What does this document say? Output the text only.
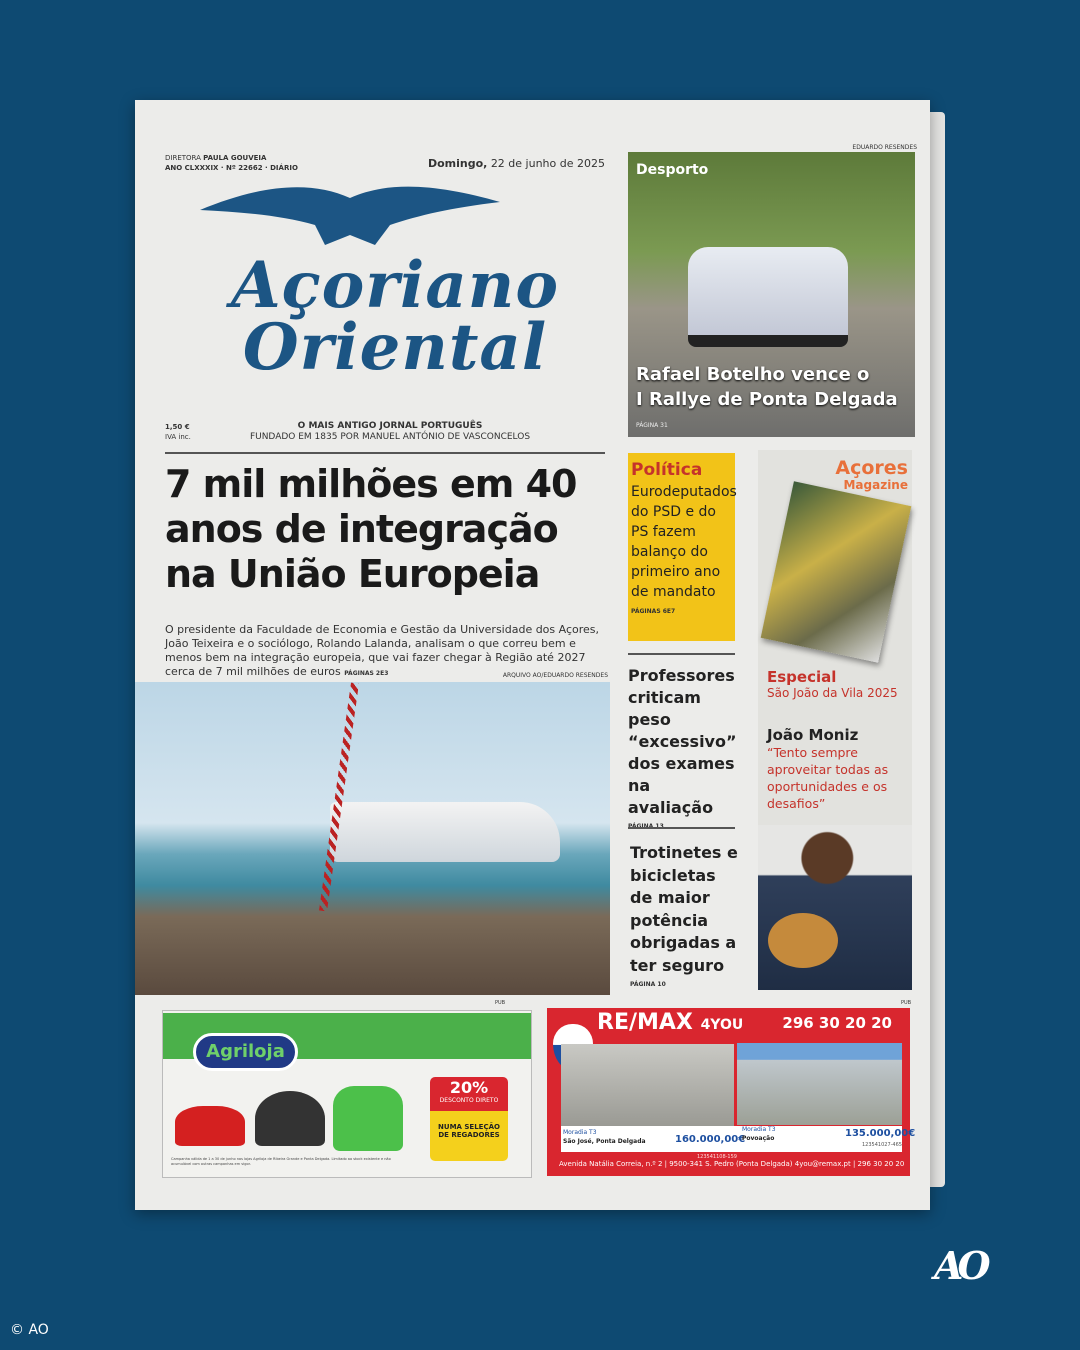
DIRETORA PAULA GOUVEIA
ANO CLXXXIX · Nº 22662 · DIÁRIO	Domingo, 22 de junho de 2025
Açoriano
Oriental
1,50 €
IVA inc.
O MAIS ANTIGO JORNAL PORTUGUÊS
FUNDADO EM 1835 POR MANUEL ANTÓNIO DE VASCONCELOS
7 mil milhões em 40 anos de integração na União Europeia
O presidente da Faculdade de Economia e Gestão da Universidade dos Açores, João Teixeira e o sociólogo, Rolando Lalanda, analisam o que correu bem e menos bem na integração europeia, que vai fazer chegar à Região até 2027 cerca de 7 mil milhões de euros PÁGINAS 2E3	ARQUIVO AO/EDUARDO RESENDES
EDUARDO RESENDES
Desporto
Rafael Botelho vence o
I Rallye de Ponta Delgada
PÁGINA 31
Política
Eurodeputados do PSD e do PS fazem balanço do primeiro ano de mandato
PÁGINAS 6E7
Professores criticam peso “excessivo” dos exames na avaliação
Trotinetes e bicicletas de maior potência obrigadas a ter seguro
PÁGINA 10
Açores
Magazine
Especial
São João da Vila 2025
João Moniz
“Tento sempre aproveitar todas as oportunidades e os desafios”
PUB
Agriloja
20%
DESCONTO DIRETO
NUMA SELEÇÃO DE REGADORES
Campanha válida de 1 a 30 de junho nas lojas Agriloja de Ribeira Grande e Ponta Delgada. Limitado ao stock existente e não acumulável com outras campanhas em vigor.
PUB
RE/MAX 4YOU	296 30 20 20
Moradia T3
São José, Ponta Delgada	160.000,00€
123541108-159
Moradia T3
Povoação	135.000,00€
123541027-465
Avenida Natália Correia, n.º 2 | 9500-341 S. Pedro (Ponta Delgada) 4you@remax.pt | 296 30 20 20
AO
© AO
